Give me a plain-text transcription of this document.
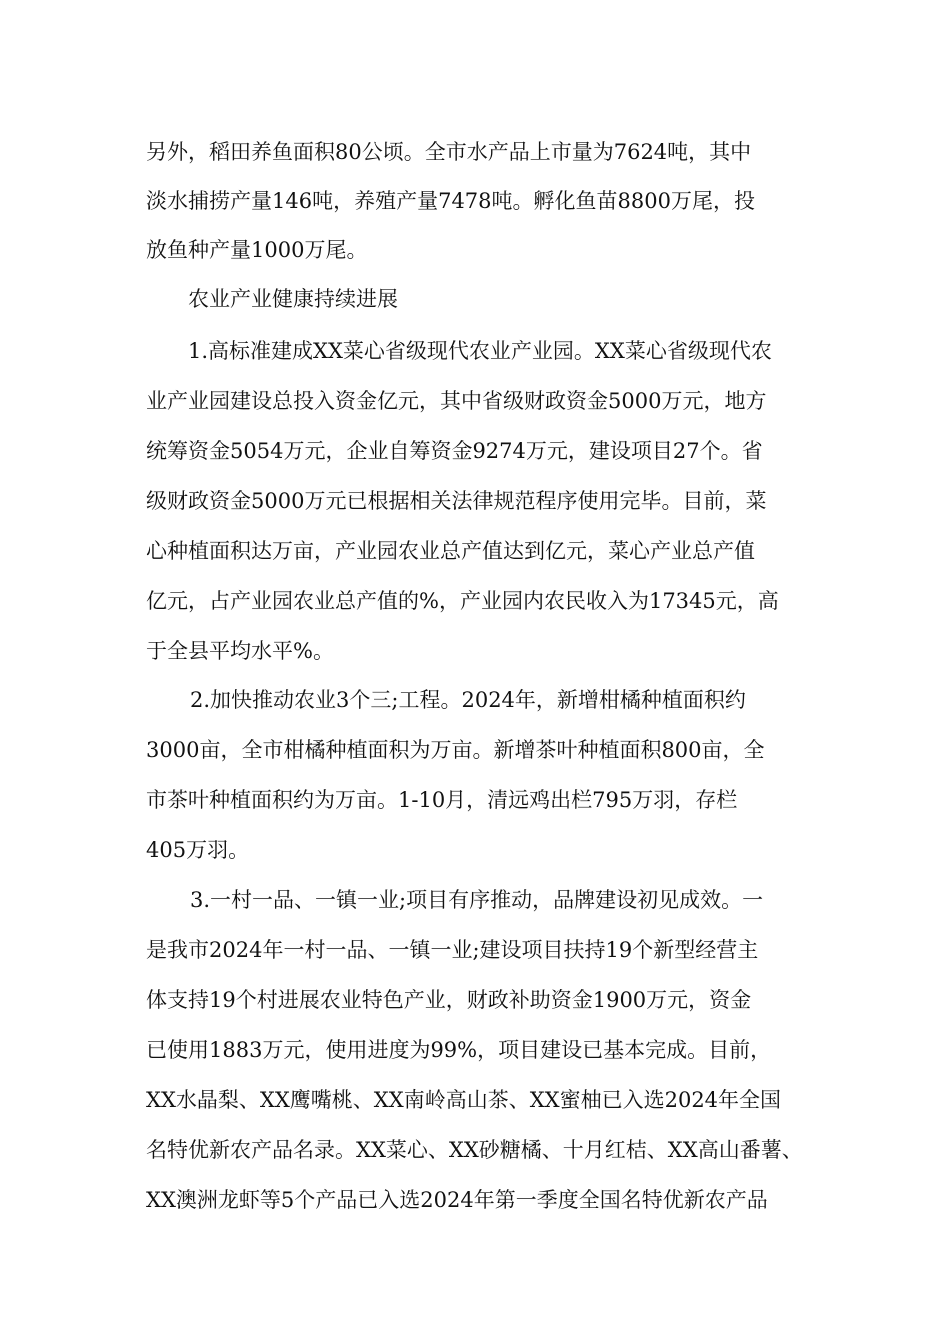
另外，稻田养鱼面积80公顷。全市水产品上市量为7624吨，其中
淡水捕捞产量146吨，养殖产量7478吨。孵化鱼苗8800万尾，投
放鱼种产量1000万尾。
农业产业健康持续进展
1.高标准建成XX菜心省级现代农业产业园。XX菜心省级现代农
业产业园建设总投入资金亿元，其中省级财政资金5000万元，地方
统筹资金5054万元，企业自筹资金9274万元，建设项目27个。省
级财政资金5000万元已根据相关法律规范程序使用完毕。目前，菜
心种植面积达万亩，产业园农业总产值达到亿元，菜心产业总产值
亿元，占产业园农业总产值的%，产业园内农民收入为17345元，高
于全县平均水平%。
2.加快推动农业3个三;工程。2024年，新增柑橘种植面积约
3000亩，全市柑橘种植面积为万亩。新增茶叶种植面积800亩，全
市茶叶种植面积约为万亩。1-10月，清远鸡出栏795万羽，存栏
405万羽。
3.一村一品、一镇一业;项目有序推动，品牌建设初见成效。一
是我市2024年一村一品、一镇一业;建设项目扶持19个新型经营主
体支持19个村进展农业特色产业，财政补助资金1900万元，资金
已使用1883万元，使用进度为99%，项目建设已基本完成。目前，
XX水晶梨、XX鹰嘴桃、XX南岭高山茶、XX蜜柚已入选2024年全国
名特优新农产品名录。XX菜心、XX砂糖橘、十月红桔、XX高山番薯、
XX澳洲龙虾等5个产品已入选2024年第一季度全国名特优新农产品
